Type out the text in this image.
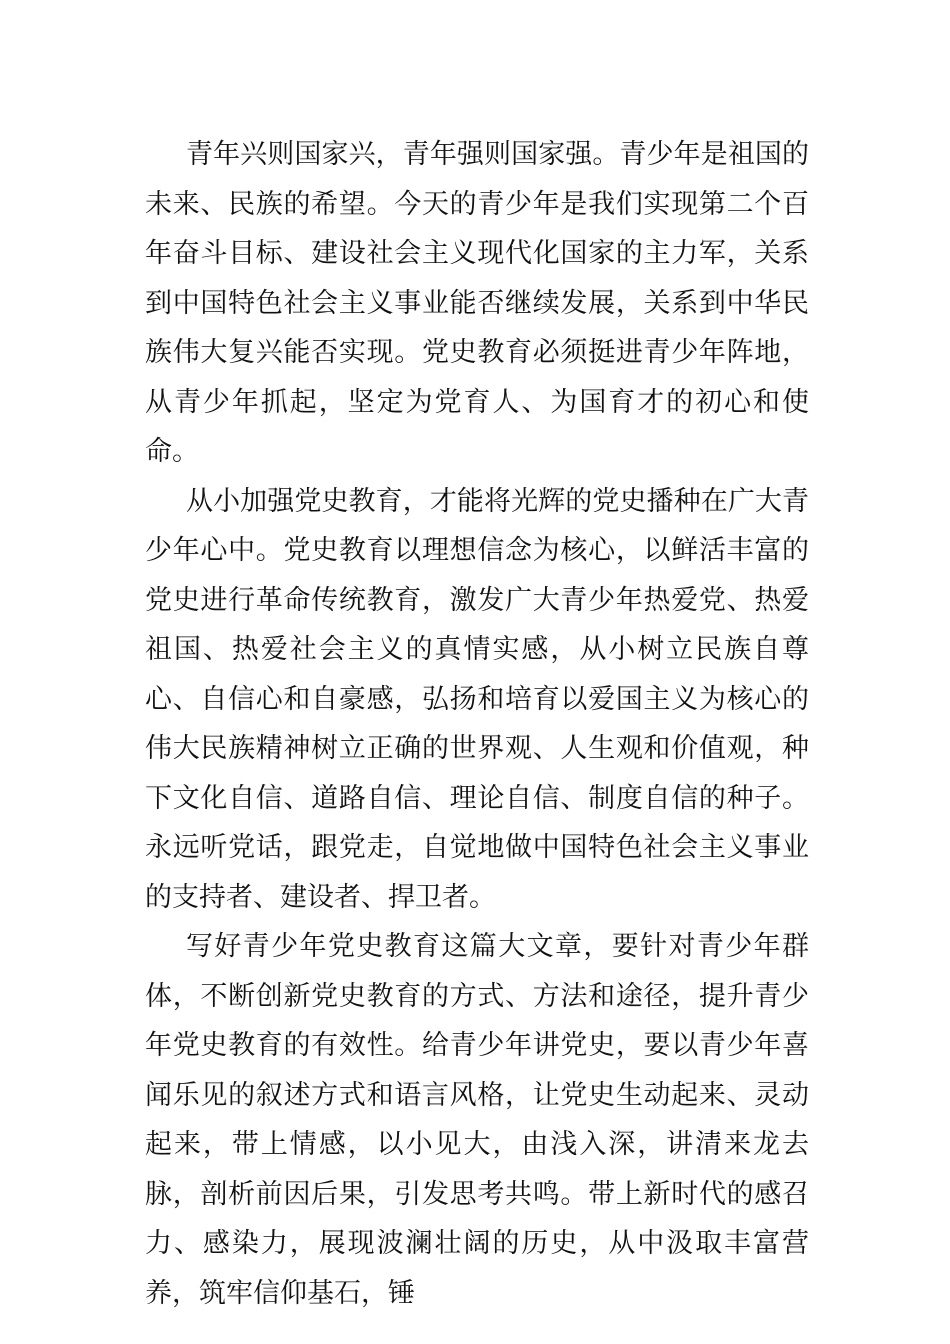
青年兴则国家兴，青年强则国家强。青少年是祖国的未来、民族的希望。今天的青少年是我们实现第二个百年奋斗目标、建设社会主义现代化国家的主力军，关系到中国特色社会主义事业能否继续发展，关系到中华民族伟大复兴能否实现。党史教育必须挺进青少年阵地，从青少年抓起，坚定为党育人、为国育才的初心和使命。

从小加强党史教育，才能将光辉的党史播种在广大青少年心中。党史教育以理想信念为核心，以鲜活丰富的党史进行革命传统教育，激发广大青少年热爱党、热爱祖国、热爱社会主义的真情实感，从小树立民族自尊心、自信心和自豪感，弘扬和培育以爱国主义为核心的伟大民族精神树立正确的世界观、人生观和价值观，种下文化自信、道路自信、理论自信、制度自信的种子。永远听党话，跟党走，自觉地做中国特色社会主义事业的支持者、建设者、捍卫者。

写好青少年党史教育这篇大文章，要针对青少年群体，不断创新党史教育的方式、方法和途径，提升青少年党史教育的有效性。给青少年讲党史，要以青少年喜闻乐见的叙述方式和语言风格，让党史生动起来、灵动起来，带上情感，以小见大，由浅入深，讲清来龙去脉，剖析前因后果，引发思考共鸣。带上新时代的感召力、感染力，展现波澜壮阔的历史，从中汲取丰富营养，筑牢信仰基石，锤
